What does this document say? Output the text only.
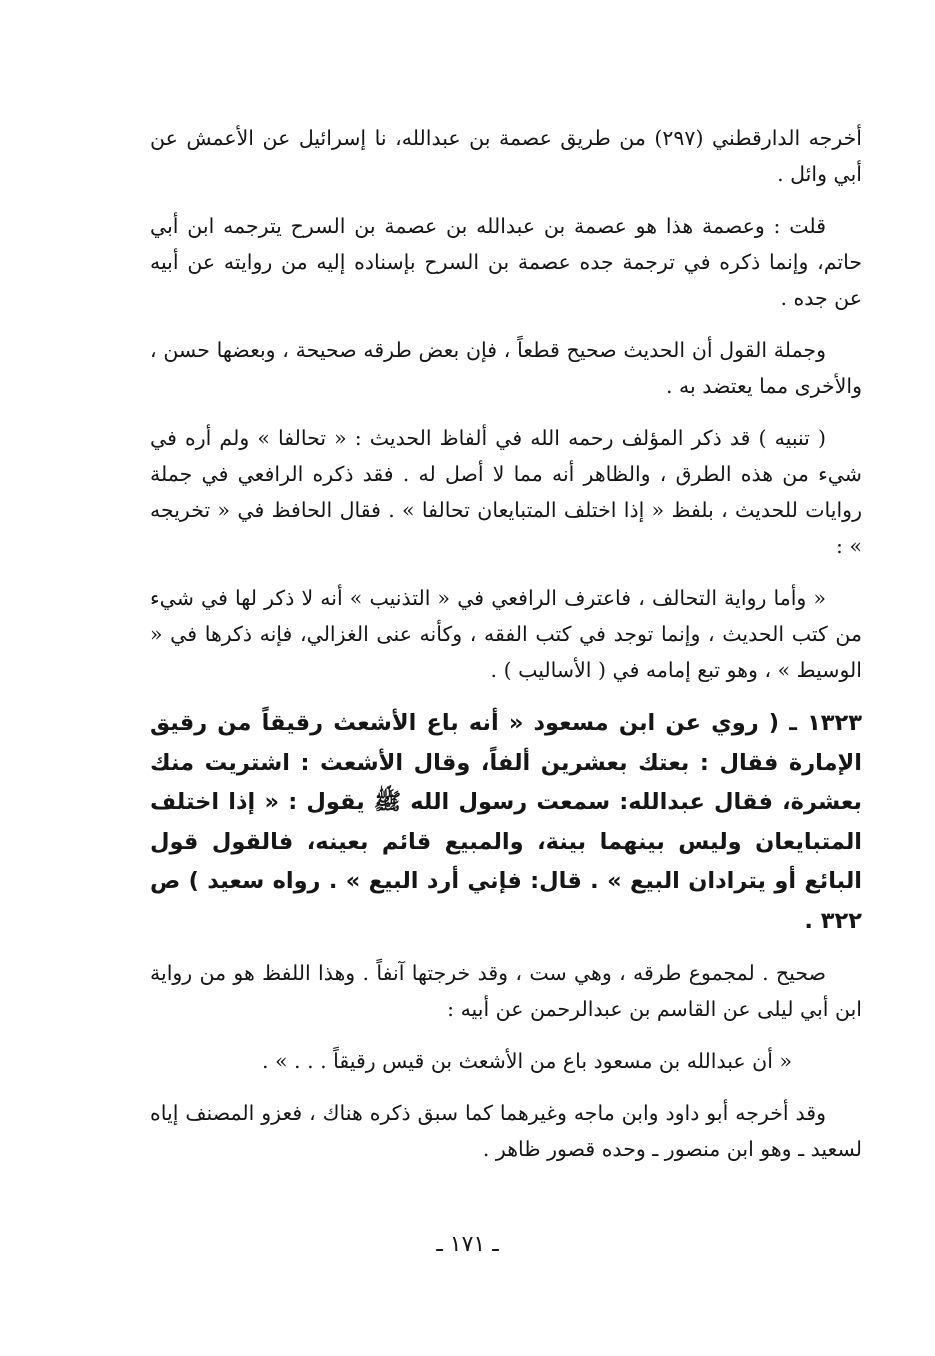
أخرجه الدارقطني (٢٩٧) من طريق عصمة بن عبدالله، نا إسرائيل عن الأعمش عن أبي وائل .

قلت : وعصمة هذا هو عصمة بن عبدالله بن عصمة بن السرح يترجمه ابن أبي حاتم، وإنما ذكره في ترجمة جده عصمة بن السرح بإسناده إليه من روايته عن أبيه عن جده .

وجملة القول أن الحديث صحيح قطعاً ، فإن بعض طرقه صحيحة ، وبعضها حسن ، والأخرى مما يعتضد به .

( تنبيه ) قد ذكر المؤلف رحمه الله في ألفاظ الحديث : « تحالفا » ولم أره في شيء من هذه الطرق ، والظاهر أنه مما لا أصل له . فقد ذكره الرافعي في جملة روايات للحديث ، بلفظ « إذا اختلف المتبايعان تحالفا » . فقال الحافظ في « تخريجه » :

« وأما رواية التحالف ، فاعترف الرافعي في « التذنيب » أنه لا ذكر لها في شيء من كتب الحديث ، وإنما توجد في كتب الفقه ، وكأنه عنى الغزالي، فإنه ذكرها في « الوسيط » ، وهو تبع إمامه في ( الأساليب ) .

١٣٢٣ ـ ( روي عن ابن مسعود « أنه باع الأشعث رقيقاً من رقيق الإمارة فقال : بعتك بعشرين ألفاً، وقال الأشعث : اشتريت منك بعشرة، فقال عبدالله: سمعت رسول الله ﷺ يقول : « إذا اختلف المتبايعان وليس بينهما بينة، والمبيع قائم بعينه، فالقول قول البائع أو يترادان البيع » . قال: فإني أرد البيع » . رواه سعيد ) ص ٣٢٢ .

صحيح . لمجموع طرقه ، وهي ست ، وقد خرجتها آنفاً . وهذا اللفظ هو من رواية ابن أبي ليلى عن القاسم بن عبدالرحمن عن أبيه :

« أن عبدالله بن مسعود باع من الأشعث بن قيس رقيقاً . . . » .

وقد أخرجه أبو داود وابن ماجه وغيرهما كما سبق ذكره هناك ، فعزو المصنف إياه لسعيد ـ وهو ابن منصور ـ وحده قصور ظاهر .

ـ ١٧١ ـ
